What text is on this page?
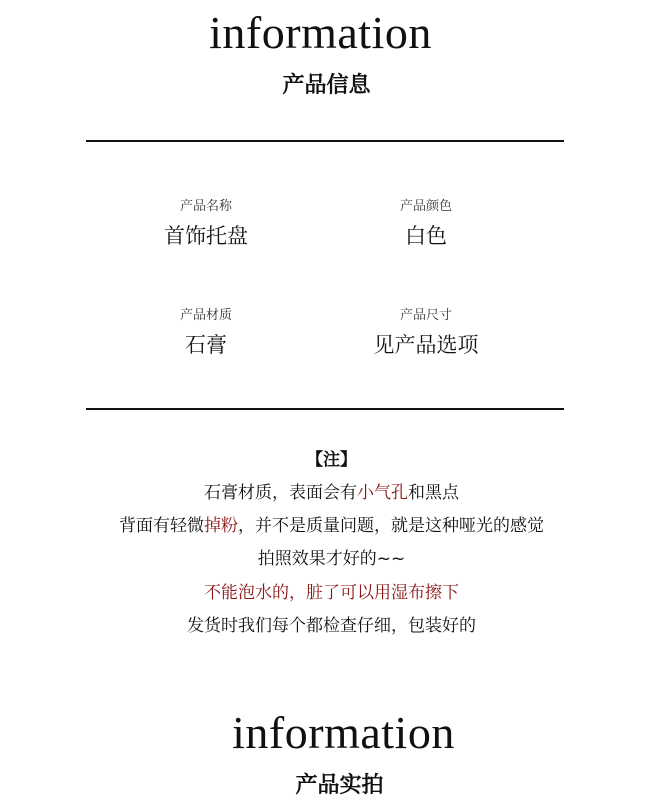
information
产品信息
产品名称
首饰托盘
产品颜色
白色
产品材质
石膏
产品尺寸
见产品选项
【注】
石膏材质，表面会有小气孔和黑点
背面有轻微掉粉，并不是质量问题，就是这种哑光的感觉
拍照效果才好的~~
不能泡水的，脏了可以用湿布擦下
发货时我们每个都检查仔细，包装好的
information
产品实拍
